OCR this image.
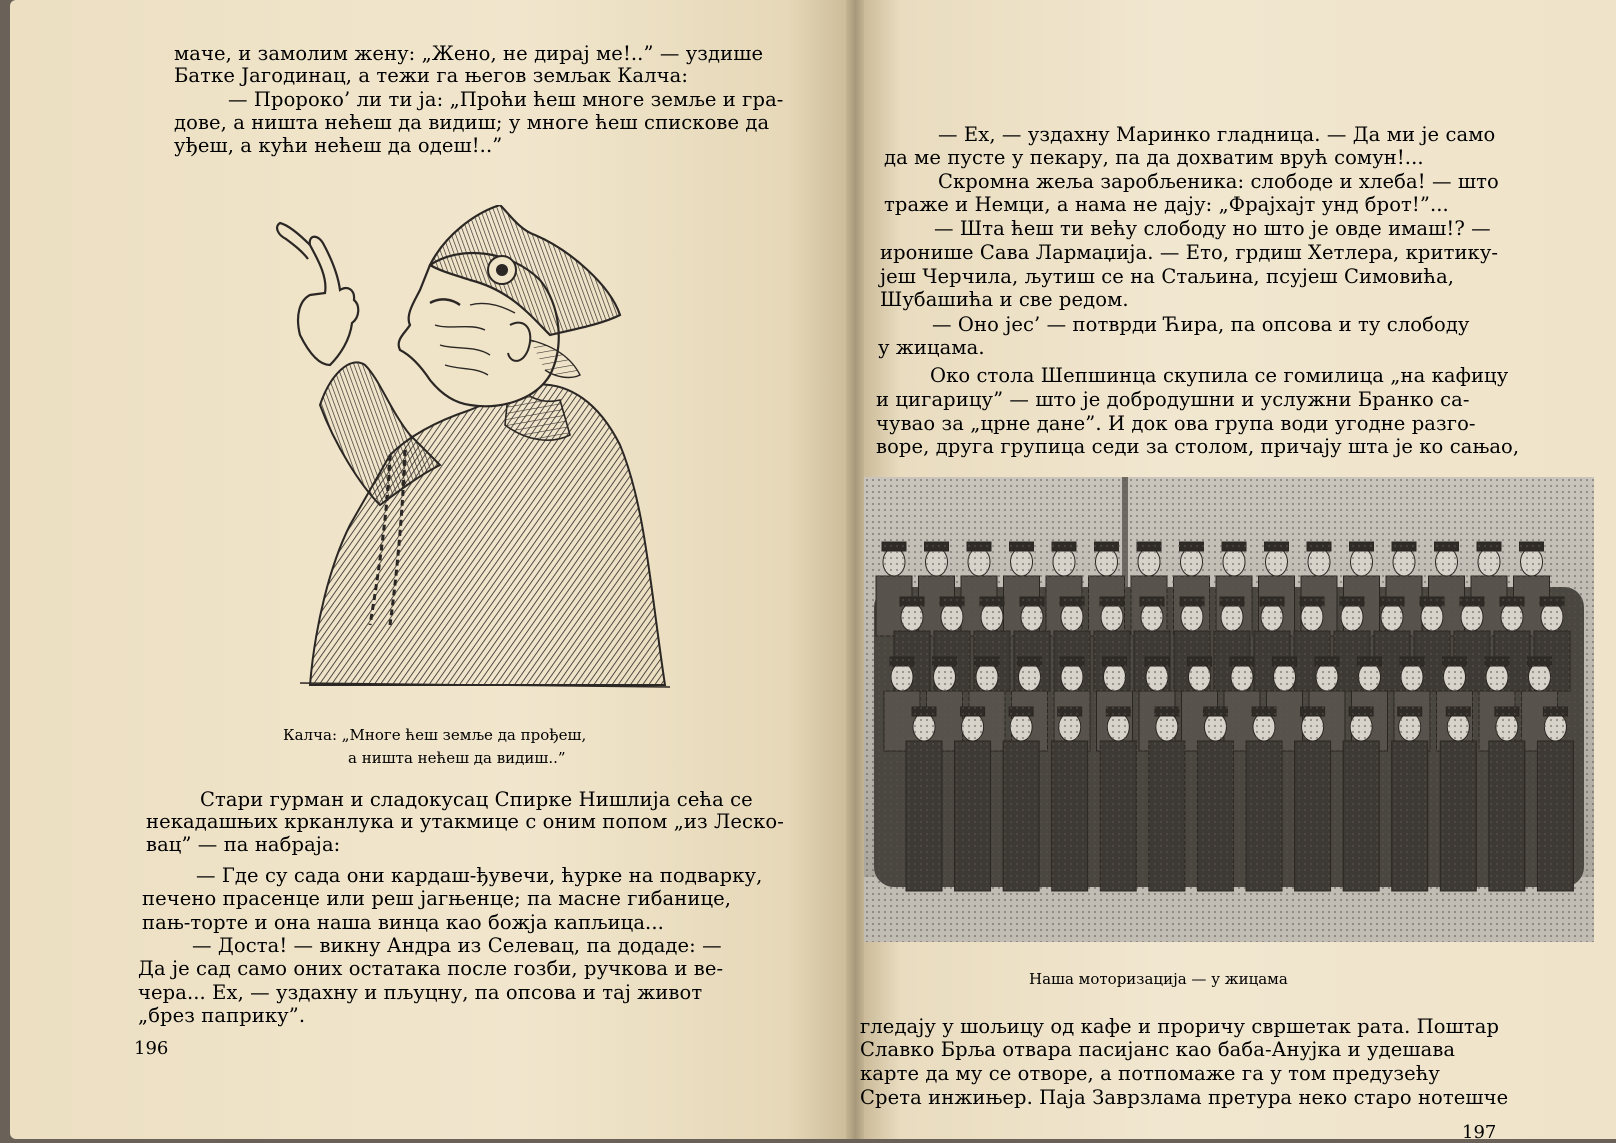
маче, и замолим жену: „Жено, не дирај ме!..” — уздише
Батке Јагодинац, а тежи га његов земљак Калча:
— Пророко’ ли ти ја: „Проћи ћеш многе земље и гра-
дове, а ништа нећеш да видиш; у многе ћеш спискове да
уђеш, а кући нећеш да одеш!..”
Калча: „Многе ћеш земље да прођеш,
а ништа нећеш да видиш..”
Стари гурман и сладокусац Спирке Нишлија сећа се
некадашњих крканлука и утакмице с оним попом „из Леско-
вац” — па набраја:
— Где су сада они кардаш-ђувечи, ћурке на подварку,
печено прасенце или реш јагњенце; па масне гибанице,
пањ-торте и она наша винца као божја капљица...
— Доста! — викну Андра из Селевац, па додаде: —
Да је сад само оних остатака после гозби, ручкова и ве-
чера... Ех, — уздахну и пљуцну, па опсова и тај живот
„брез паприку”.
196
— Ех, — уздахну Маринко гладница. — Да ми је само
да ме пусте у пекару, па да дохватим врућ сомун!...
Скромна жеља заробљеника: слободе и хлеба! — што
траже и Немци, а нама не дају: „Фрајхајт унд брот!”...
— Шта ћеш ти већу слободу но што је овде имаш!? —
иронише Сава Лармаџија. — Ето, грдиш Хетлера, критику-
јеш Черчила, љутиш се на Стаљина, псујеш Симовића,
Шубашића и све редом.
— Оно јес’ — потврди Ћира, па опсова и ту слободу
у жицама.
Око стола Шепшинца скупила се гомилица „на кафицу
и цигарицу” — што је добродушни и услужни Бранко са-
чувао за „црне дане”. И док ова група води угодне разго-
воре, друга групица седи за столом, причају шта је ко сањао,
Наша моторизација — у жицама
гледају у шољицу од кафе и проричу свршетак рата. Поштар
Славко Брља отвара пасијанс као баба-Анујка и удешава
карте да му се отворе, а потпомаже га у том предузећу
Срета инжињер. Паја Заврзлама претура неко старо нотешче
197
